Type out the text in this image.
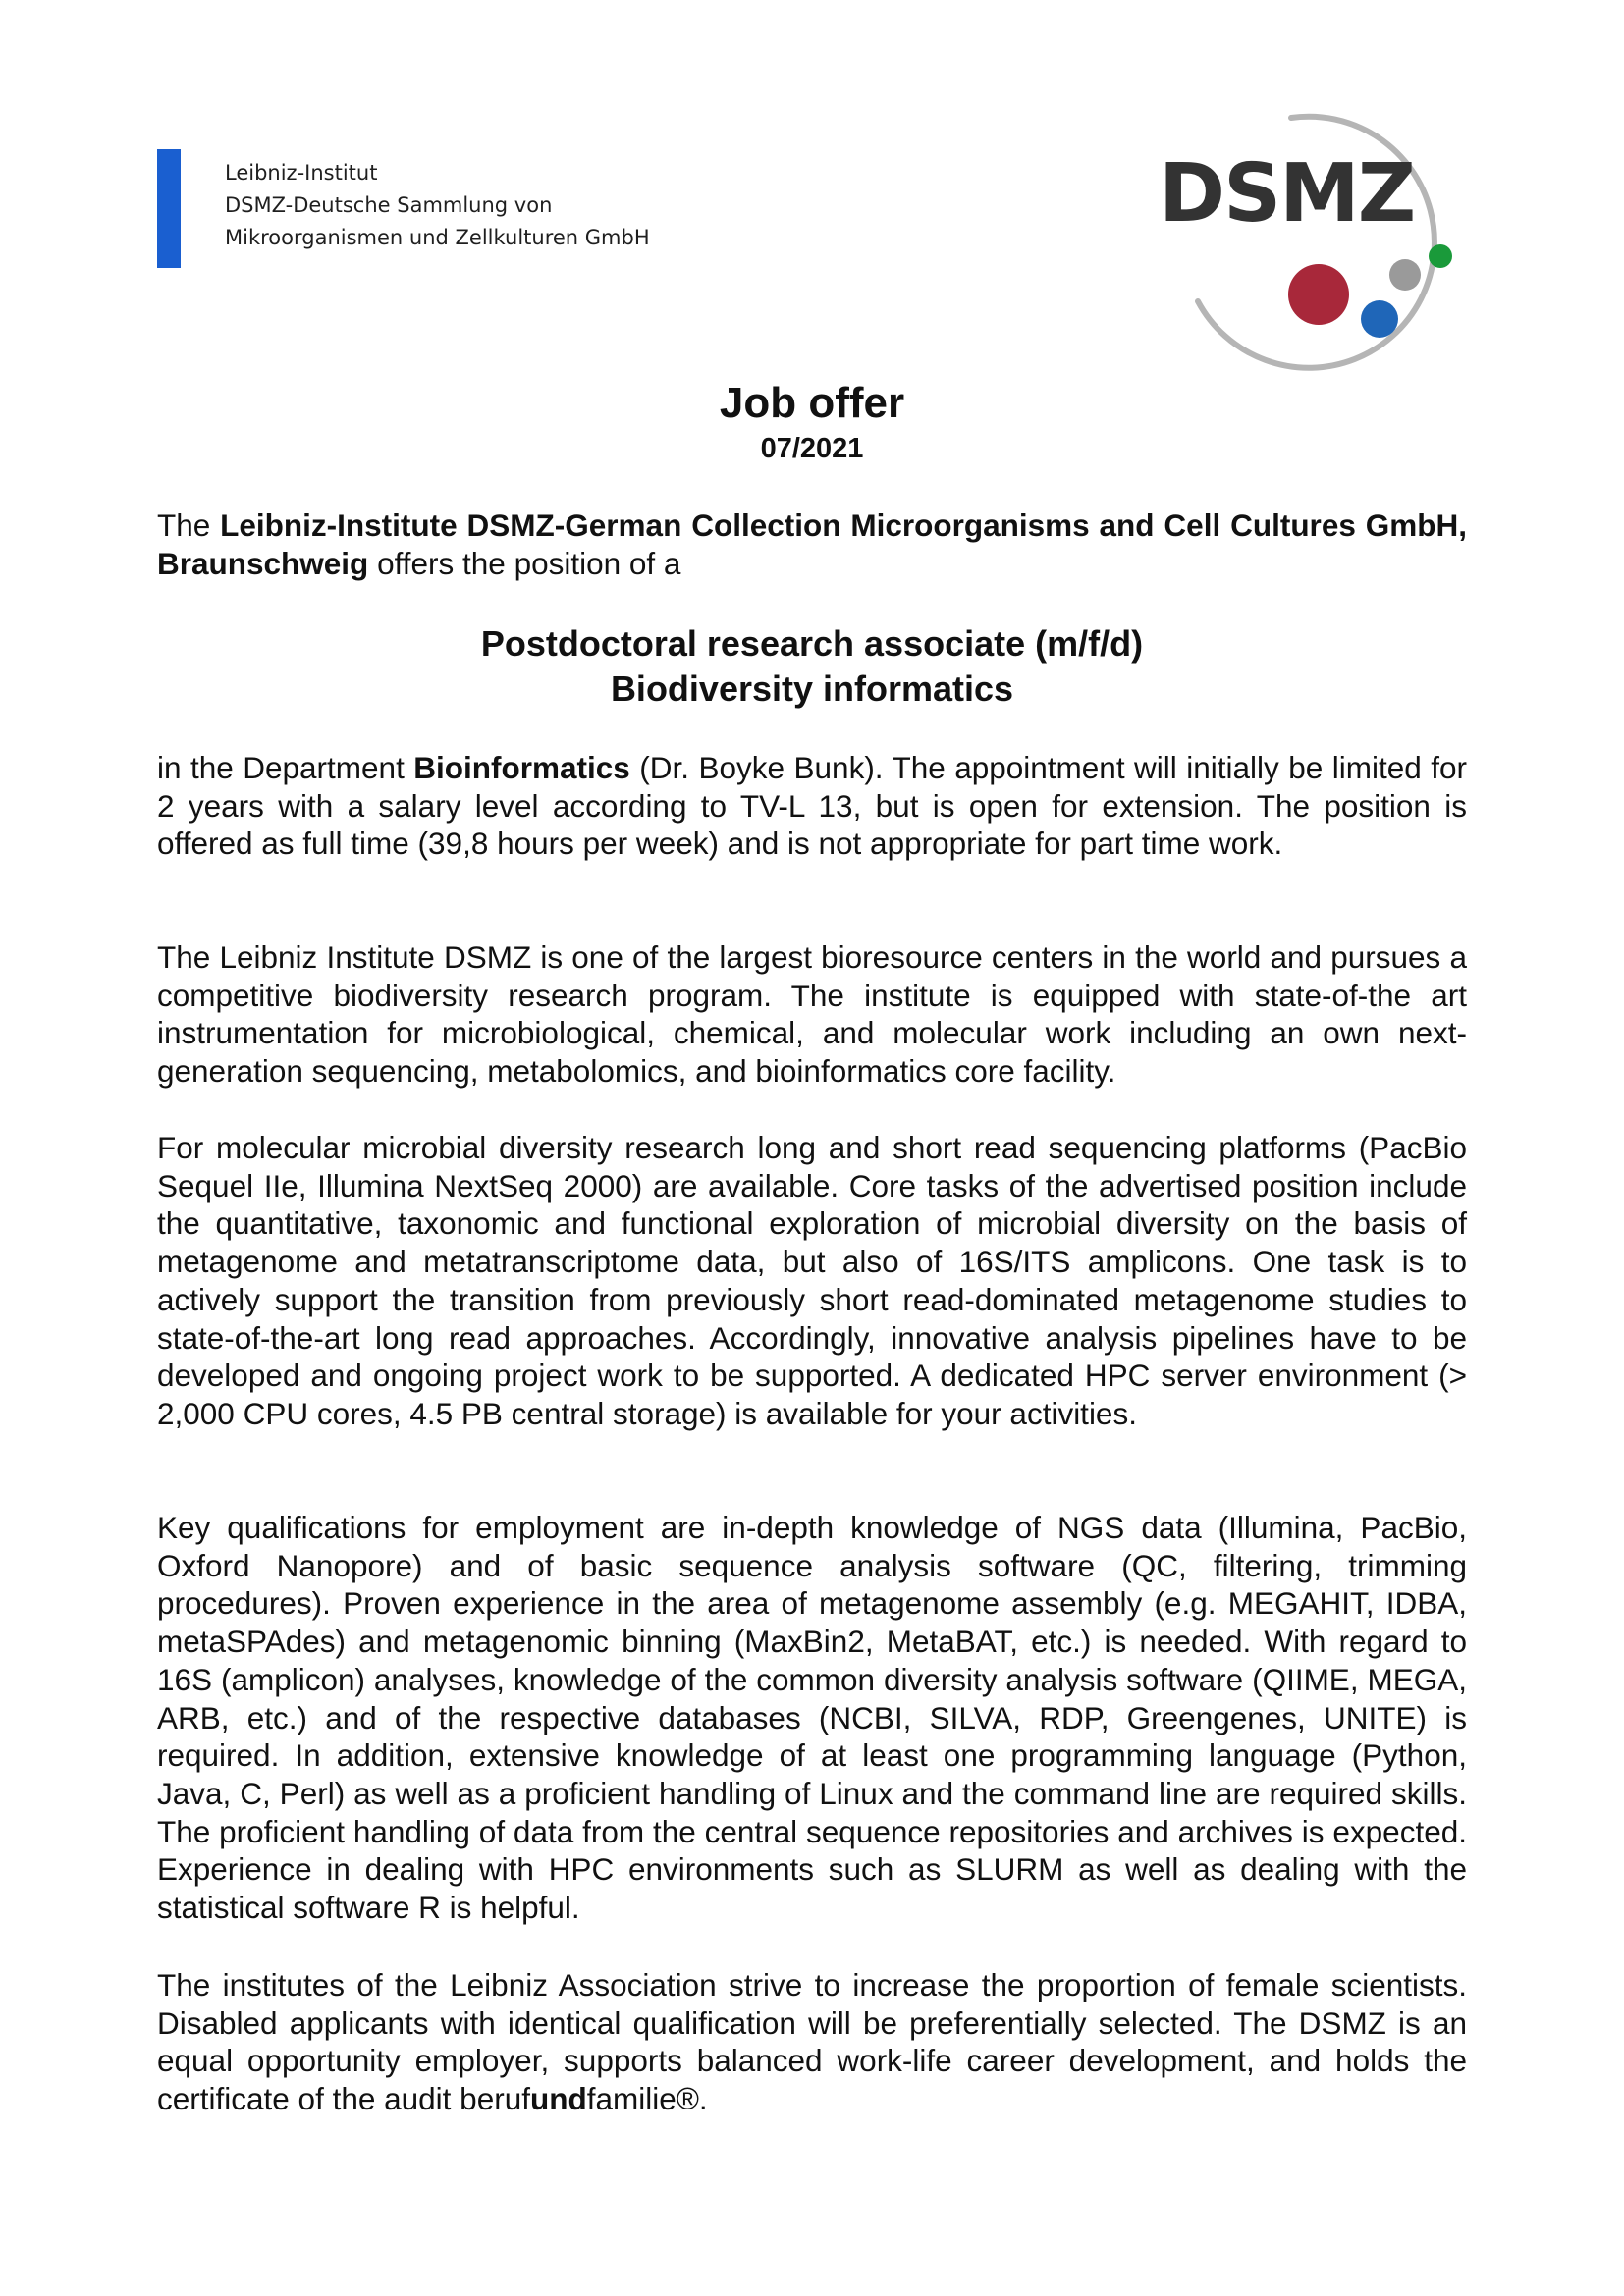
Leibniz-Institut
DSMZ-Deutsche Sammlung von
Mikroorganismen und Zellkulturen GmbH	DSMZ
Job offer
07/2021

The Leibniz-Institute DSMZ-German Collection Microorganisms and Cell Cultures GmbH, Braunschweig offers the position of a

Postdoctoral research associate (m/f/d)
Biodiversity informatics

in the Department Bioinformatics (Dr. Boyke Bunk). The appointment will initially be limited for 2 years with a salary level according to TV-L 13, but is open for extension. The position is offered as full time (39,8 hours per week) and is not appropriate for part time work.

The Leibniz Institute DSMZ is one of the largest bioresource centers in the world and pursues a competitive biodiversity research program. The institute is equipped with state-of-the art instrumentation for microbiological, chemical, and molecular work including an own next-generation sequencing, metabolomics, and bioinformatics core facility.

For molecular microbial diversity research long and short read sequencing platforms (PacBio Sequel IIe, Illumina NextSeq 2000) are available. Core tasks of the advertised position include the quantitative, taxonomic and functional exploration of microbial diversity on the basis of metagenome and metatranscriptome data, but also of 16S/ITS amplicons. One task is to actively support the transition from previously short read-dominated metagenome studies to state-of-the-art long read approaches. Accordingly, innovative analysis pipelines have to be developed and ongoing project work to be supported. A dedicated HPC server environment (> 2,000 CPU cores, 4.5 PB central storage) is available for your activities.

Key qualifications for employment are in-depth knowledge of NGS data (Illumina, PacBio, Oxford Nanopore) and of basic sequence analysis software (QC, filtering, trimming procedures). Proven experience in the area of metagenome assembly (e.g. MEGAHIT, IDBA, metaSPAdes) and metagenomic binning (MaxBin2, MetaBAT, etc.) is needed. With regard to 16S (amplicon) analyses, knowledge of the common diversity analysis software (QIIME, MEGA, ARB, etc.) and of the respective databases (NCBI, SILVA, RDP, Greengenes, UNITE) is required. In addition, extensive knowledge of at least one programming language (Python, Java, C, Perl) as well as a proficient handling of Linux and the command line are required skills. The proficient handling of data from the central sequence repositories and archives is expected. Experience in dealing with HPC environments such as SLURM as well as dealing with the statistical software R is helpful.

The institutes of the Leibniz Association strive to increase the proportion of female scientists. Disabled applicants with identical qualification will be preferentially selected. The DSMZ is an equal opportunity employer, supports balanced work-life career development, and holds the certificate of the audit berufundfamilie®.
